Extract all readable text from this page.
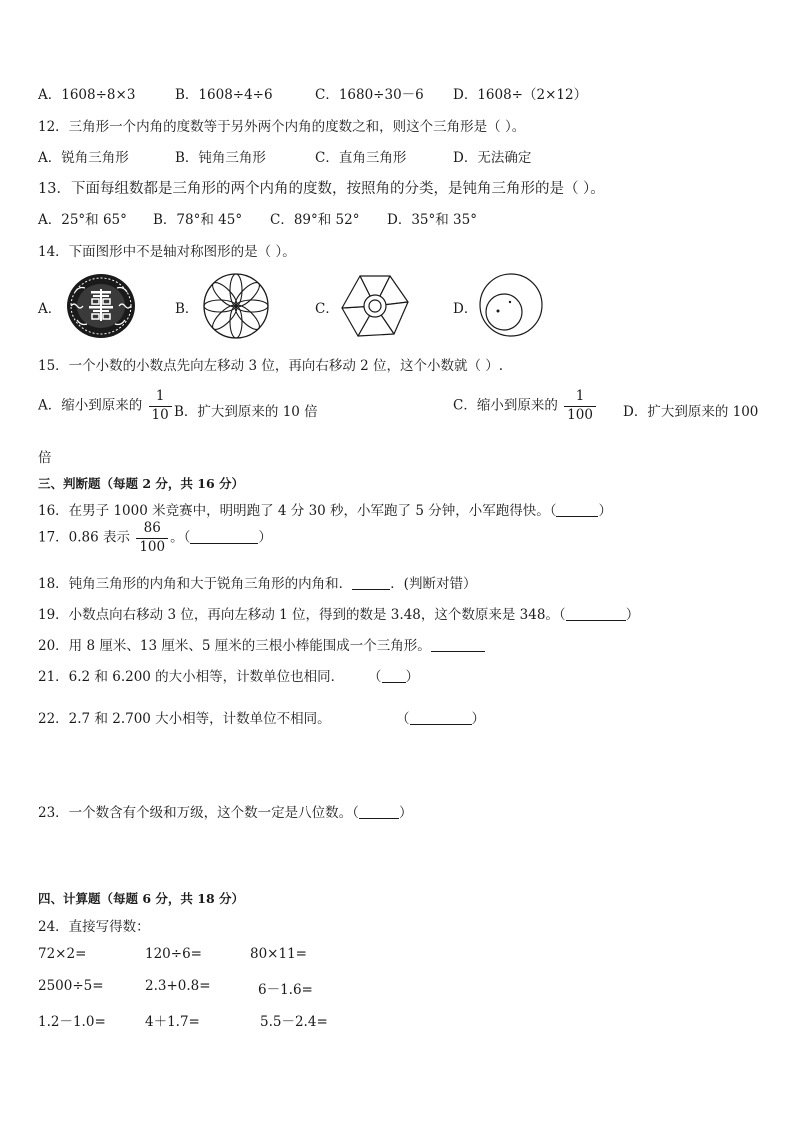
A．1608÷8×3	B．1608÷4÷6	C．1680÷30－6 D．1608÷（2×12）
12．三角形一个内角的度数等于另外两个内角的度数之和，则这个三角形是（ ）。
A．锐角三角形	B．钝角三角形	C．直角三角形	D．无法确定
13．下面每组数都是三角形的两个内角的度数，按照角的分类，是钝角三角形的是（ ）。
A．25°和 65° B．78°和 45° C．89°和 52° D．35°和 35°
14．下面图形中不是轴对称图形的是（ ）。
A．	B．	C．	D．
15．一个小数的小数点先向左移动 3 位，再向右移动 2 位，这个小数就（ ）.
A．缩小到原来的 $\frac{1}{10}$ B．扩大到原来的 10 倍	C．缩小到原来的 $\frac{1}{100}$ D．扩大到原来的 100
倍
三、判断题（每题 2 分，共 16 分）
16．在男子 1000 米竞赛中，明明跑了 4 分 30 秒，小军跑了 5 分钟，小军跑得快。（	）
17．0.86 表示 $\frac{86}{100}$ 。（	）
18．钝角三角形的内角和大于锐角三角形的内角和．	．(判断对错）
19．小数点向右移动 3 位，再向左移动 1 位，得到的数是 3.48，这个数原来是 348。（	）
20．用 8 厘米、13 厘米、5 厘米的三根小棒能围成一个三角形。
21．6.2 和 6.200 的大小相等，计数单位也相同． （ ）
22．2.7 和 2.700 大小相等，计数单位不相同。	（	）
23．一个数含有个级和万级，这个数一定是八位数。（	）
四、计算题（每题 6 分，共 18 分）
24．直接写得数：
72×2=	120÷6=	80×11=
2500÷5=	2.3+0.8=	6－1.6=
1.2－1.0=	4＋1.7=	5.5－2.4=
